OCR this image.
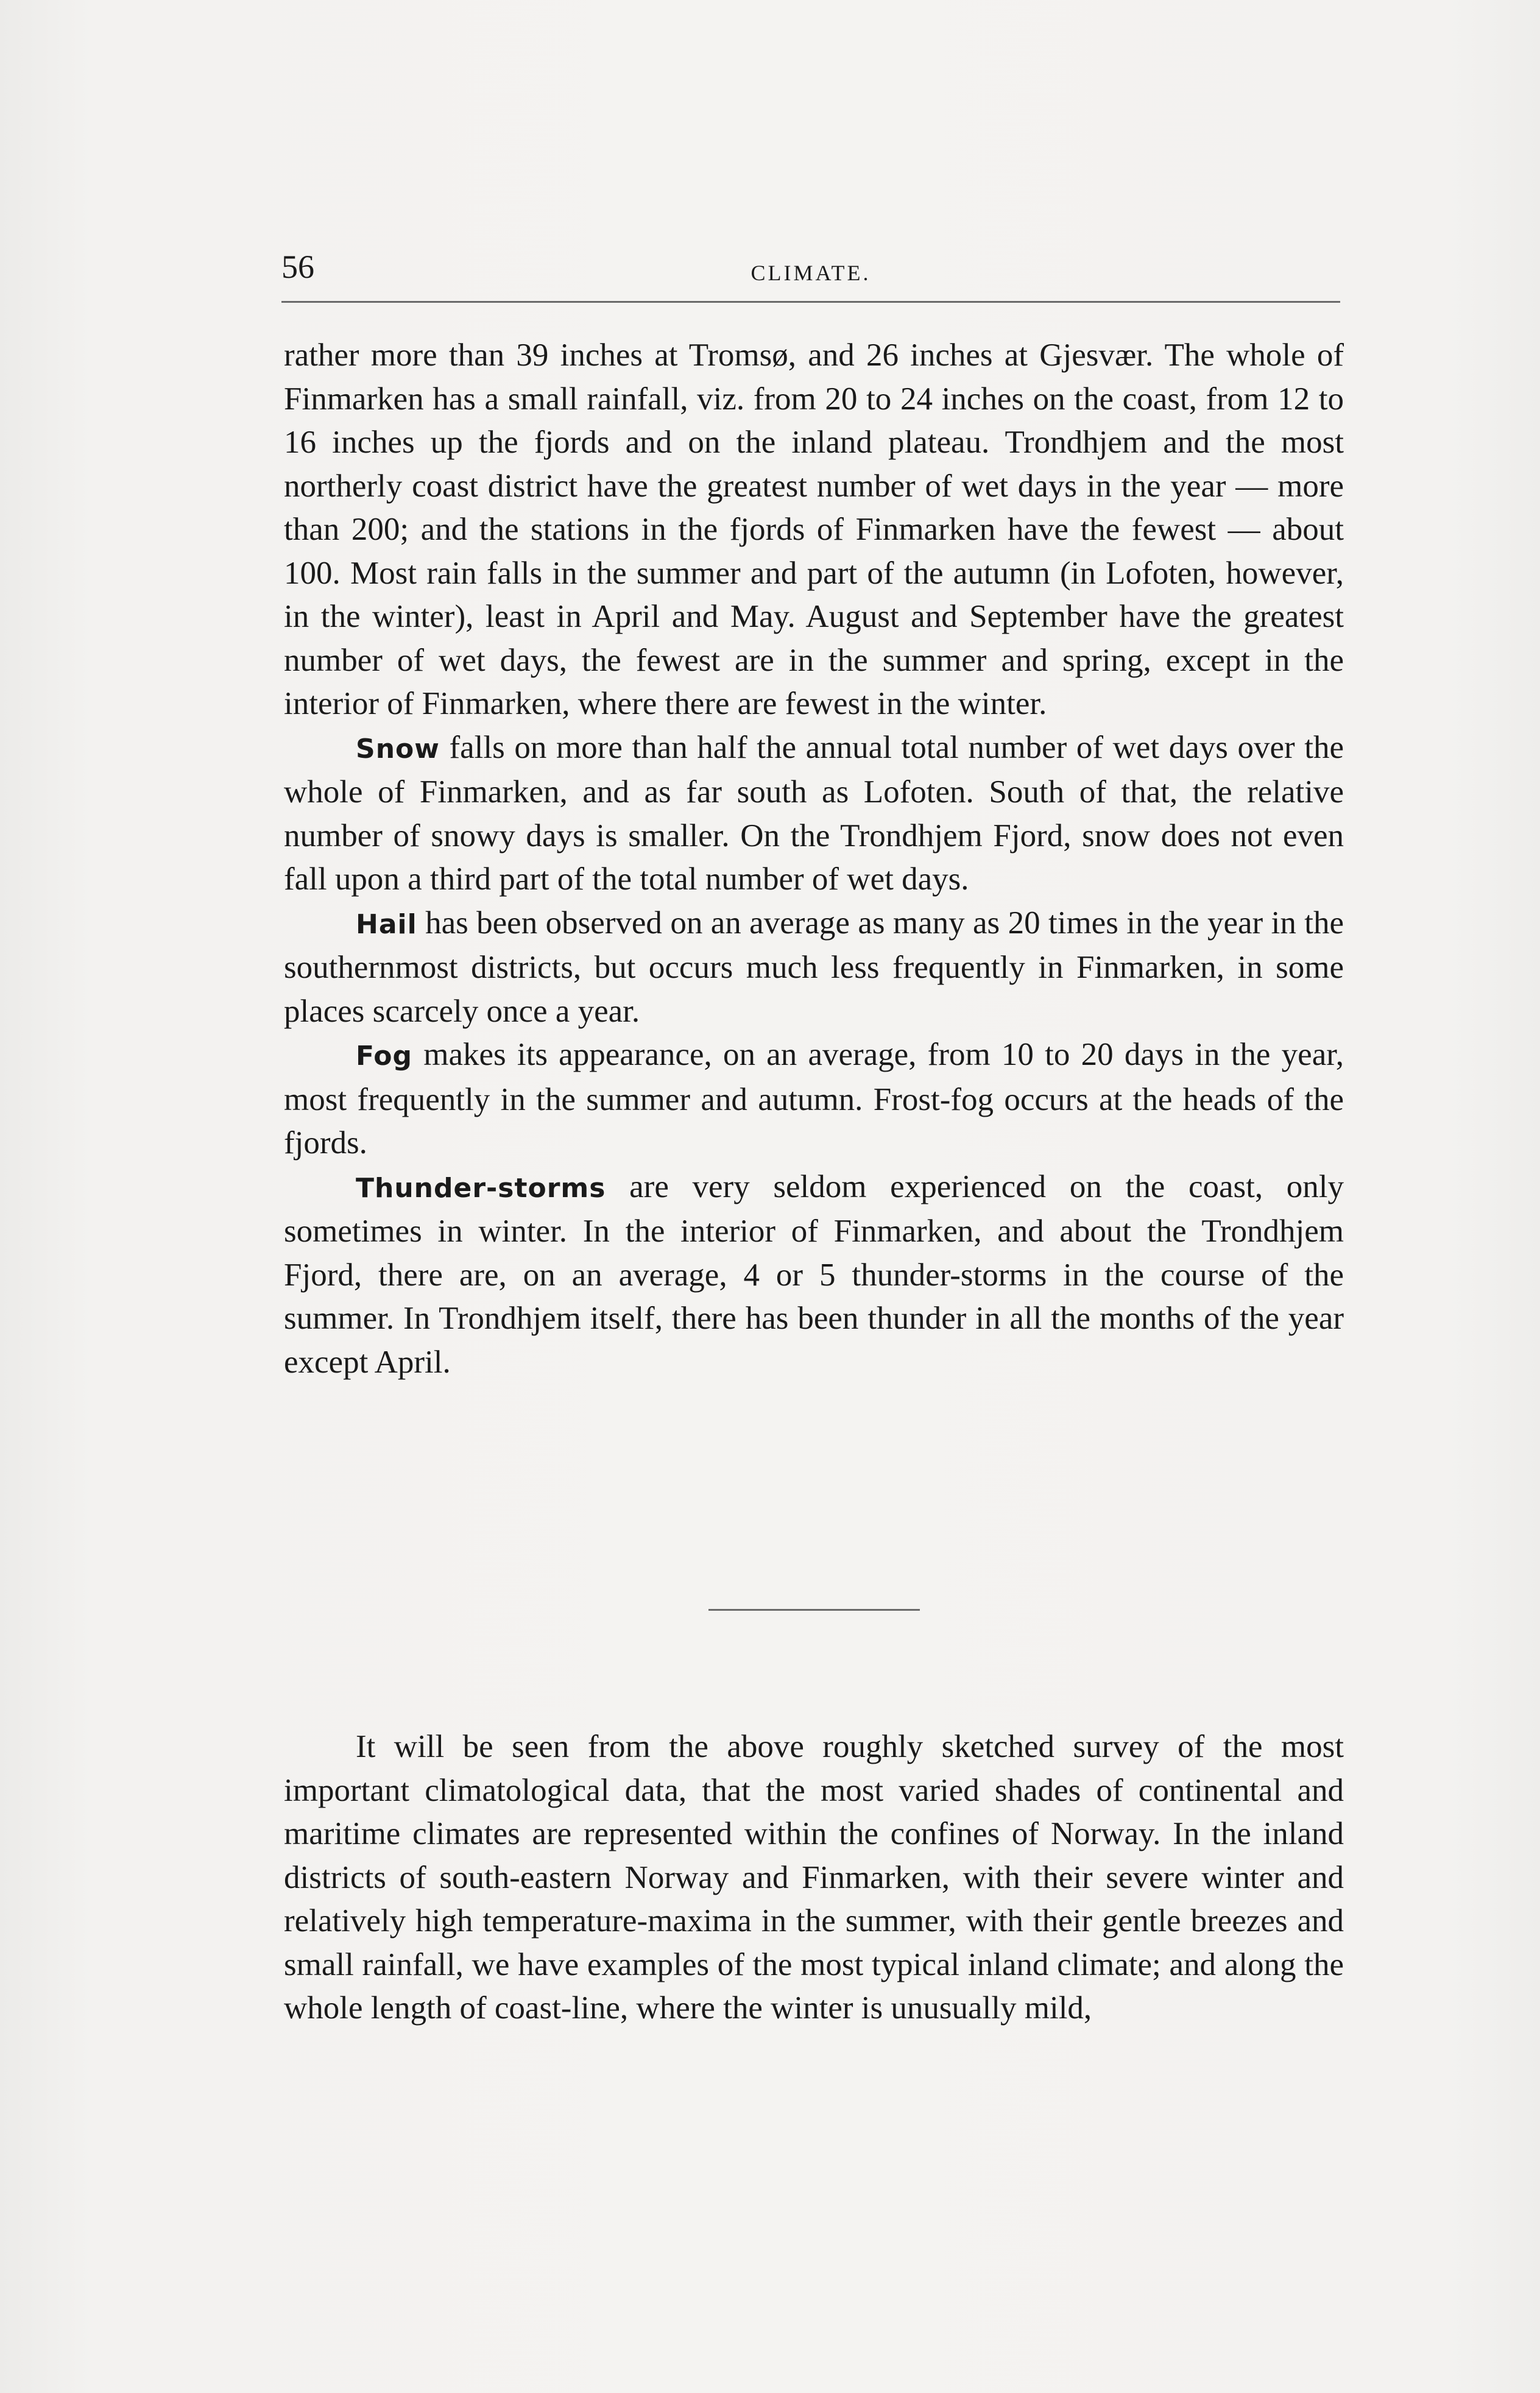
56	CLIMATE.

rather more than 39 inches at Tromsø, and 26 inches at Gjesvær. The whole of Finmarken has a small rainfall, viz. from 20 to 24 inches on the coast, from 12 to 16 inches up the fjords and on the inland plateau. Trondhjem and the most northerly coast district have the greatest number of wet days in the year — more than 200; and the stations in the fjords of Finmarken have the fewest — about 100. Most rain falls in the summer and part of the autumn (in Lofoten, however, in the winter), least in April and May. August and September have the greatest number of wet days, the fewest are in the summer and spring, except in the interior of Finmarken, where there are fewest in the winter.

Snow falls on more than half the annual total number of wet days over the whole of Finmarken, and as far south as Lofoten. South of that, the relative number of snowy days is smaller. On the Trondhjem Fjord, snow does not even fall upon a third part of the total number of wet days.

Hail has been observed on an average as many as 20 times in the year in the southernmost districts, but occurs much less frequently in Finmarken, in some places scarcely once a year.

Fog makes its appearance, on an average, from 10 to 20 days in the year, most frequently in the summer and autumn. Frost-fog occurs at the heads of the fjords.

Thunder-storms are very seldom experienced on the coast, only sometimes in winter. In the interior of Finmarken, and about the Trondhjem Fjord, there are, on an average, 4 or 5 thunder-storms in the course of the summer. In Trondhjem itself, there has been thunder in all the months of the year except April.

It will be seen from the above roughly sketched survey of the most important climatological data, that the most varied shades of continental and maritime climates are represented within the confines of Norway. In the inland districts of south-eastern Norway and Finmarken, with their severe winter and relatively high temperature-maxima in the summer, with their gentle breezes and small rainfall, we have examples of the most typical inland climate; and along the whole length of coast-line, where the winter is unusually mild,
